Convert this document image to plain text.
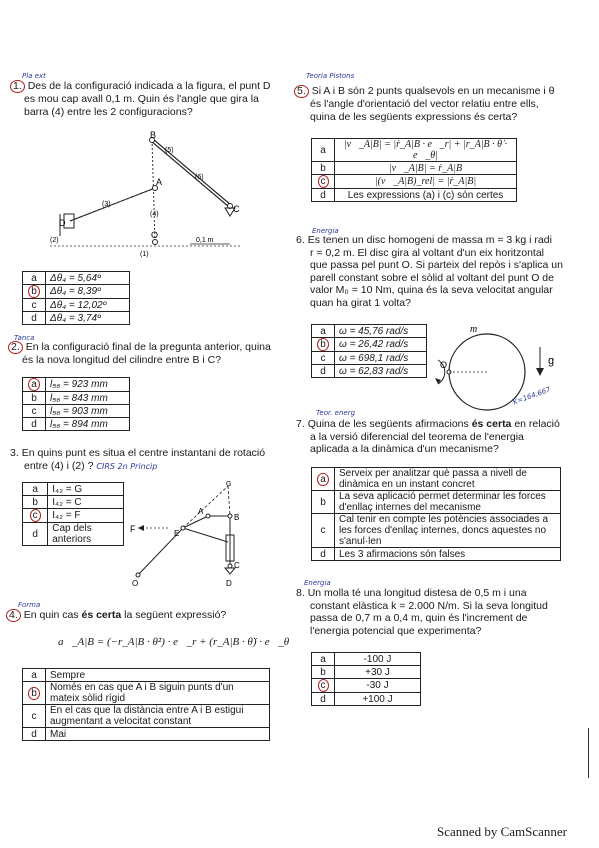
Pla ext
1. Des de la configuració indicada a la figura, el punt D
es mou cap avall 0,1 m. Quin és l'angle que gira la
barra (4) entre les 2 configuracions?
B
A
C
D
O
0,1 m
(5)
(6)
(3)
(4)
(2)
(1)
a	Δθ₄ = 5,64º
b	Δθ₄ = 8,39º
c	Δθ₄ = 12,02º
d	Δθ₄ = 3,74º
Tanca
2. En la configuració final de la pregunta anterior, quina
és la nova longitud del cilindre entre B i C?
a	l₅₆ = 923 mm
b	l₅₆ = 843 mm
c	l₅₆ = 903 mm
d	l₅₆ = 894 mm
3. En quins punt es situa el centre instantani de rotació
entre (4) i (2) ? CIRS 2n Princip
a	I₄₂ = G
b	I₄₂ = C
c	I₄₂ = F
d	Cap dels anteriors
F
A
B
E
C
D
O
G
Forma
4. En quin cas és certa la següent expressió?
a⃗_A|B = (−r_A|B · θ̇²) · e⃗_r + (r_A|B · θ̈) · e⃗_θ
a	Sempre
b	Només en cas que A i B siguin punts d'un mateix sòlid rígid
c	En el cas que la distància entre A i B estigui augmentant a velocitat constant
d	Mai
Teoria Pistons
5. Si A i B són 2 punts qualsevols en un mecanisme i θ
és l'angle d'orientació del vector relatiu entre ells,
quina de les següents expressions és certa?
a	|v⃗_A|B| = |ṙ_A|B · e⃗_r| + |r_A|B · θ̇ · e⃗_θ|
b	|v⃗_A|B| = ṙ_A|B
c	|(v⃗_A|B)_rel| = |ṙ_A|B|
d	Les expressions (a) i (c) són certes
Energia
6. Es tenen un disc homogeni de massa m = 3 kg i radi
r = 0,2 m. El disc gira al voltant d'un eix horitzontal
que passa pel punt O. Si parteix del repòs i s'aplica un
parell constant sobre el sòlid al voltant del punt O de
valor M₀ = 10 Nm, quina és la seva velocitat angular
quan ha girat 1 volta?
a	ω = 45,76 rad/s
b	ω = 26,42 rad/s
c	ω = 698,1 rad/s
d	ω = 62,83 rad/s
m
O	g
K=164,667
Teor. energ
7. Quina de les següents afirmacions és certa en relació
a la versió diferencial del teorema de l'energia
aplicada a la dinàmica d'un mecanisme?
a	Serveix per analitzar què passa a nivell de dinàmica en un instant concret
b	La seva aplicació permet determinar les forces d'enllaç internes del mecanisme
c	Cal tenir en compte les potències associades a les forces d'enllaç internes, doncs aquestes no s'anul·len
d	Les 3 afirmacions són falses
Energia
8. Un molla té una longitud distesa de 0,5 m i una
constant elàstica k = 2.000 N/m. Si la seva longitud
passa de 0,7 m a 0,4 m, quin és l'increment de
l'energia potencial que experimenta?
a	-100 J
b	+30 J
c	-30 J
d	+100 J
Scanned by CamScanner
